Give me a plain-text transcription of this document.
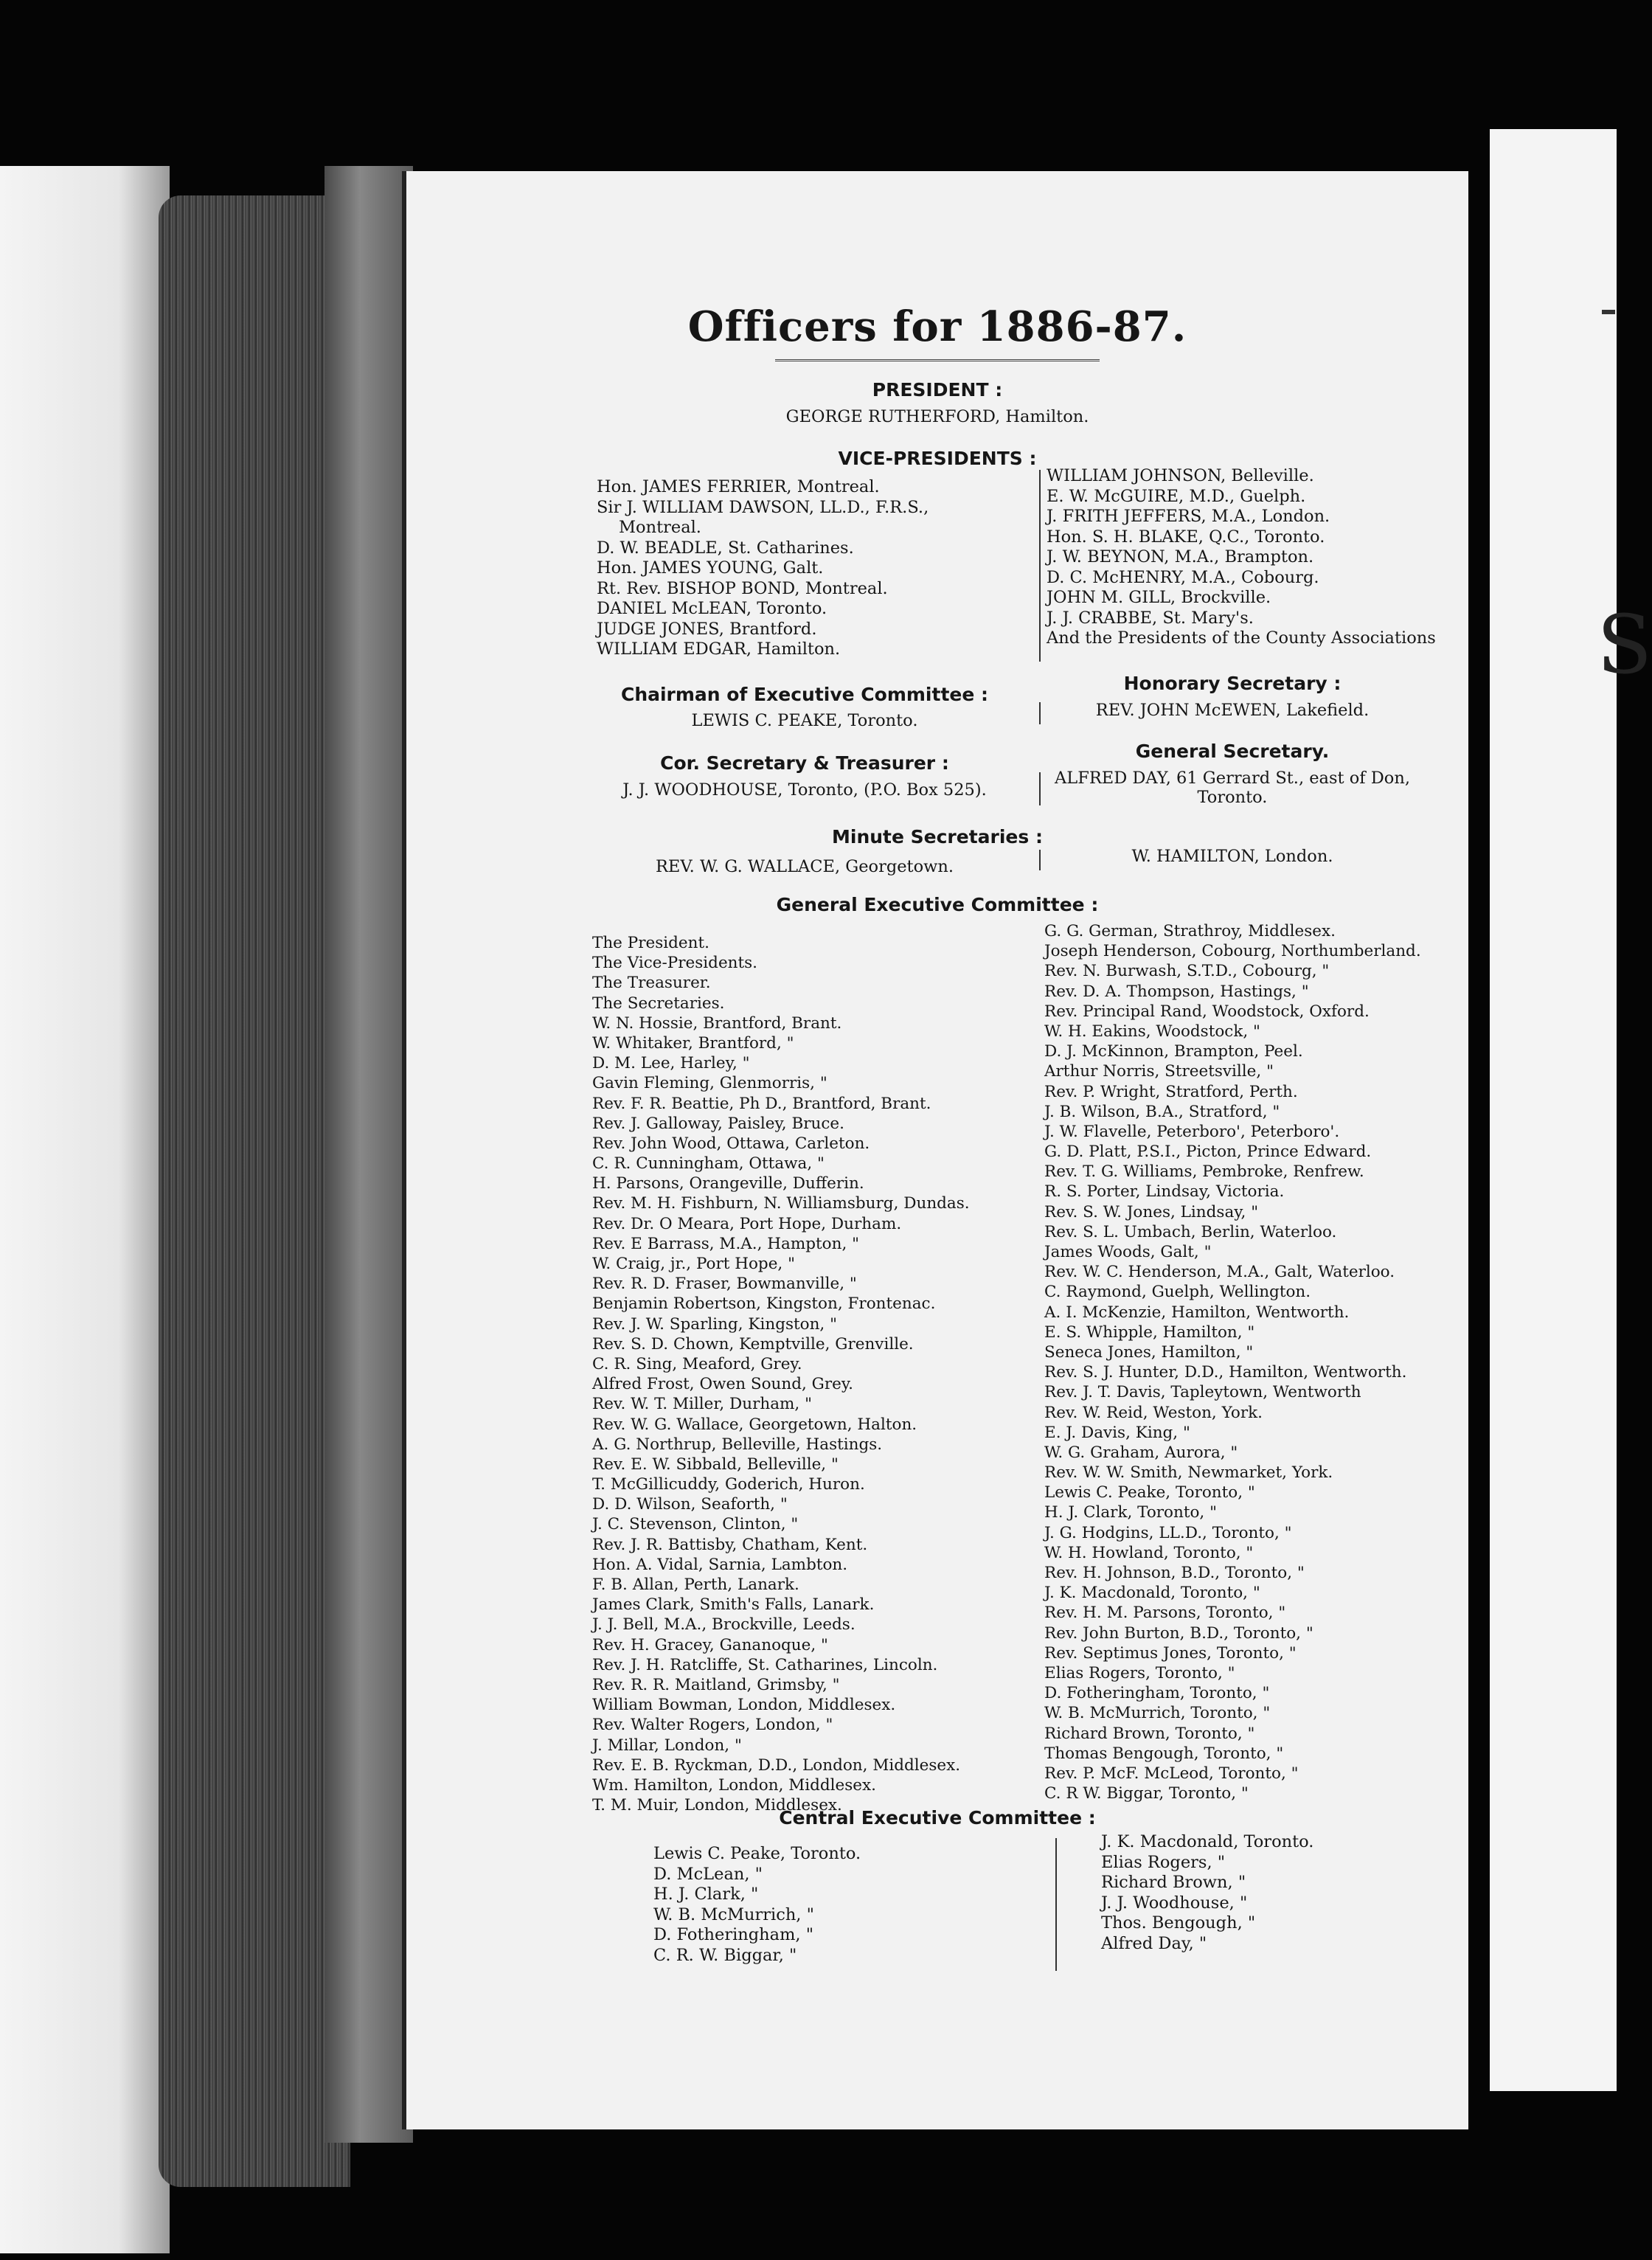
Officers for 1886-87.
PRESIDENT :
GEORGE RUTHERFORD, Hamilton.
VICE-PRESIDENTS :
Hon. JAMES FERRIER, Montreal.
Sir J. WILLIAM DAWSON, LL.D., F.R.S.,
Montreal.
D. W. BEADLE, St. Catharines.
Hon. JAMES YOUNG, Galt.
Rt. Rev. BISHOP BOND, Montreal.
DANIEL McLEAN, Toronto.
JUDGE JONES, Brantford.
WILLIAM EDGAR, Hamilton.
WILLIAM JOHNSON, Belleville.
E. W. McGUIRE, M.D., Guelph.
J. FRITH JEFFERS, M.A., London.
Hon. S. H. BLAKE, Q.C., Toronto.
J. W. BEYNON, M.A., Brampton.
D. C. McHENRY, M.A., Cobourg.
JOHN M. GILL, Brockville.
J. J. CRABBE, St. Mary's.
And the Presidents of the County Associations
Chairman of Executive Committee :
LEWIS C. PEAKE, Toronto.
Honorary Secretary :
REV. JOHN McEWEN, Lakefield.
Cor. Secretary & Treasurer :
J. J. WOODHOUSE, Toronto, (P.O. Box 525).
General Secretary.
ALFRED DAY, 61 Gerrard St., east of Don,
Toronto.
Minute Secretaries :
REV. W. G. WALLACE, Georgetown.
W. HAMILTON, London.
General Executive Committee :
The President.
The Vice-Presidents.
The Treasurer.
The Secretaries.
W. N. Hossie, Brantford, Brant.
W. Whitaker, Brantford, "
D. M. Lee, Harley, "
Gavin Fleming, Glenmorris, "
Rev. F. R. Beattie, Ph D., Brantford, Brant.
Rev. J. Galloway, Paisley, Bruce.
Rev. John Wood, Ottawa, Carleton.
C. R. Cunningham, Ottawa, "
H. Parsons, Orangeville, Dufferin.
Rev. M. H. Fishburn, N. Williamsburg, Dundas.
Rev. Dr. O Meara, Port Hope, Durham.
Rev. E Barrass, M.A., Hampton, "
W. Craig, jr., Port Hope, "
Rev. R. D. Fraser, Bowmanville, "
Benjamin Robertson, Kingston, Frontenac.
Rev. J. W. Sparling, Kingston, "
Rev. S. D. Chown, Kemptville, Grenville.
C. R. Sing, Meaford, Grey.
Alfred Frost, Owen Sound, Grey.
Rev. W. T. Miller, Durham, "
Rev. W. G. Wallace, Georgetown, Halton.
A. G. Northrup, Belleville, Hastings.
Rev. E. W. Sibbald, Belleville, "
T. McGillicuddy, Goderich, Huron.
D. D. Wilson, Seaforth, "
J. C. Stevenson, Clinton, "
Rev. J. R. Battisby, Chatham, Kent.
Hon. A. Vidal, Sarnia, Lambton.
F. B. Allan, Perth, Lanark.
James Clark, Smith's Falls, Lanark.
J. J. Bell, M.A., Brockville, Leeds.
Rev. H. Gracey, Gananoque, "
Rev. J. H. Ratcliffe, St. Catharines, Lincoln.
Rev. R. R. Maitland, Grimsby, "
William Bowman, London, Middlesex.
Rev. Walter Rogers, London, "
J. Millar, London, "
Rev. E. B. Ryckman, D.D., London, Middlesex.
Wm. Hamilton, London, Middlesex.
T. M. Muir, London, Middlesex.
G. G. German, Strathroy, Middlesex.
Joseph Henderson, Cobourg, Northumberland.
Rev. N. Burwash, S.T.D., Cobourg, "
Rev. D. A. Thompson, Hastings, "
Rev. Principal Rand, Woodstock, Oxford.
W. H. Eakins, Woodstock, "
D. J. McKinnon, Brampton, Peel.
Arthur Norris, Streetsville, "
Rev. P. Wright, Stratford, Perth.
J. B. Wilson, B.A., Stratford, "
J. W. Flavelle, Peterboro', Peterboro'.
G. D. Platt, P.S.I., Picton, Prince Edward.
Rev. T. G. Williams, Pembroke, Renfrew.
R. S. Porter, Lindsay, Victoria.
Rev. S. W. Jones, Lindsay, "
Rev. S. L. Umbach, Berlin, Waterloo.
James Woods, Galt, "
Rev. W. C. Henderson, M.A., Galt, Waterloo.
C. Raymond, Guelph, Wellington.
A. I. McKenzie, Hamilton, Wentworth.
E. S. Whipple, Hamilton, "
Seneca Jones, Hamilton, "
Rev. S. J. Hunter, D.D., Hamilton, Wentworth.
Rev. J. T. Davis, Tapleytown, Wentworth
Rev. W. Reid, Weston, York.
E. J. Davis, King, "
W. G. Graham, Aurora, "
Rev. W. W. Smith, Newmarket, York.
Lewis C. Peake, Toronto, "
H. J. Clark, Toronto, "
J. G. Hodgins, LL.D., Toronto, "
W. H. Howland, Toronto, "
Rev. H. Johnson, B.D., Toronto, "
J. K. Macdonald, Toronto, "
Rev. H. M. Parsons, Toronto, "
Rev. John Burton, B.D., Toronto, "
Rev. Septimus Jones, Toronto, "
Elias Rogers, Toronto, "
D. Fotheringham, Toronto, "
W. B. McMurrich, Toronto, "
Richard Brown, Toronto, "
Thomas Bengough, Toronto, "
Rev. P. McF. McLeod, Toronto, "
C. R W. Biggar, Toronto, "
Central Executive Committee :
Lewis C. Peake, Toronto.
D. McLean, "
H. J. Clark, "
W. B. McMurrich, "
D. Fotheringham, "
C. R. W. Biggar, "
J. K. Macdonald, Toronto.
Elias Rogers, "
Richard Brown, "
J. J. Woodhouse, "
Thos. Bengough, "
Alfred Day, "
S
